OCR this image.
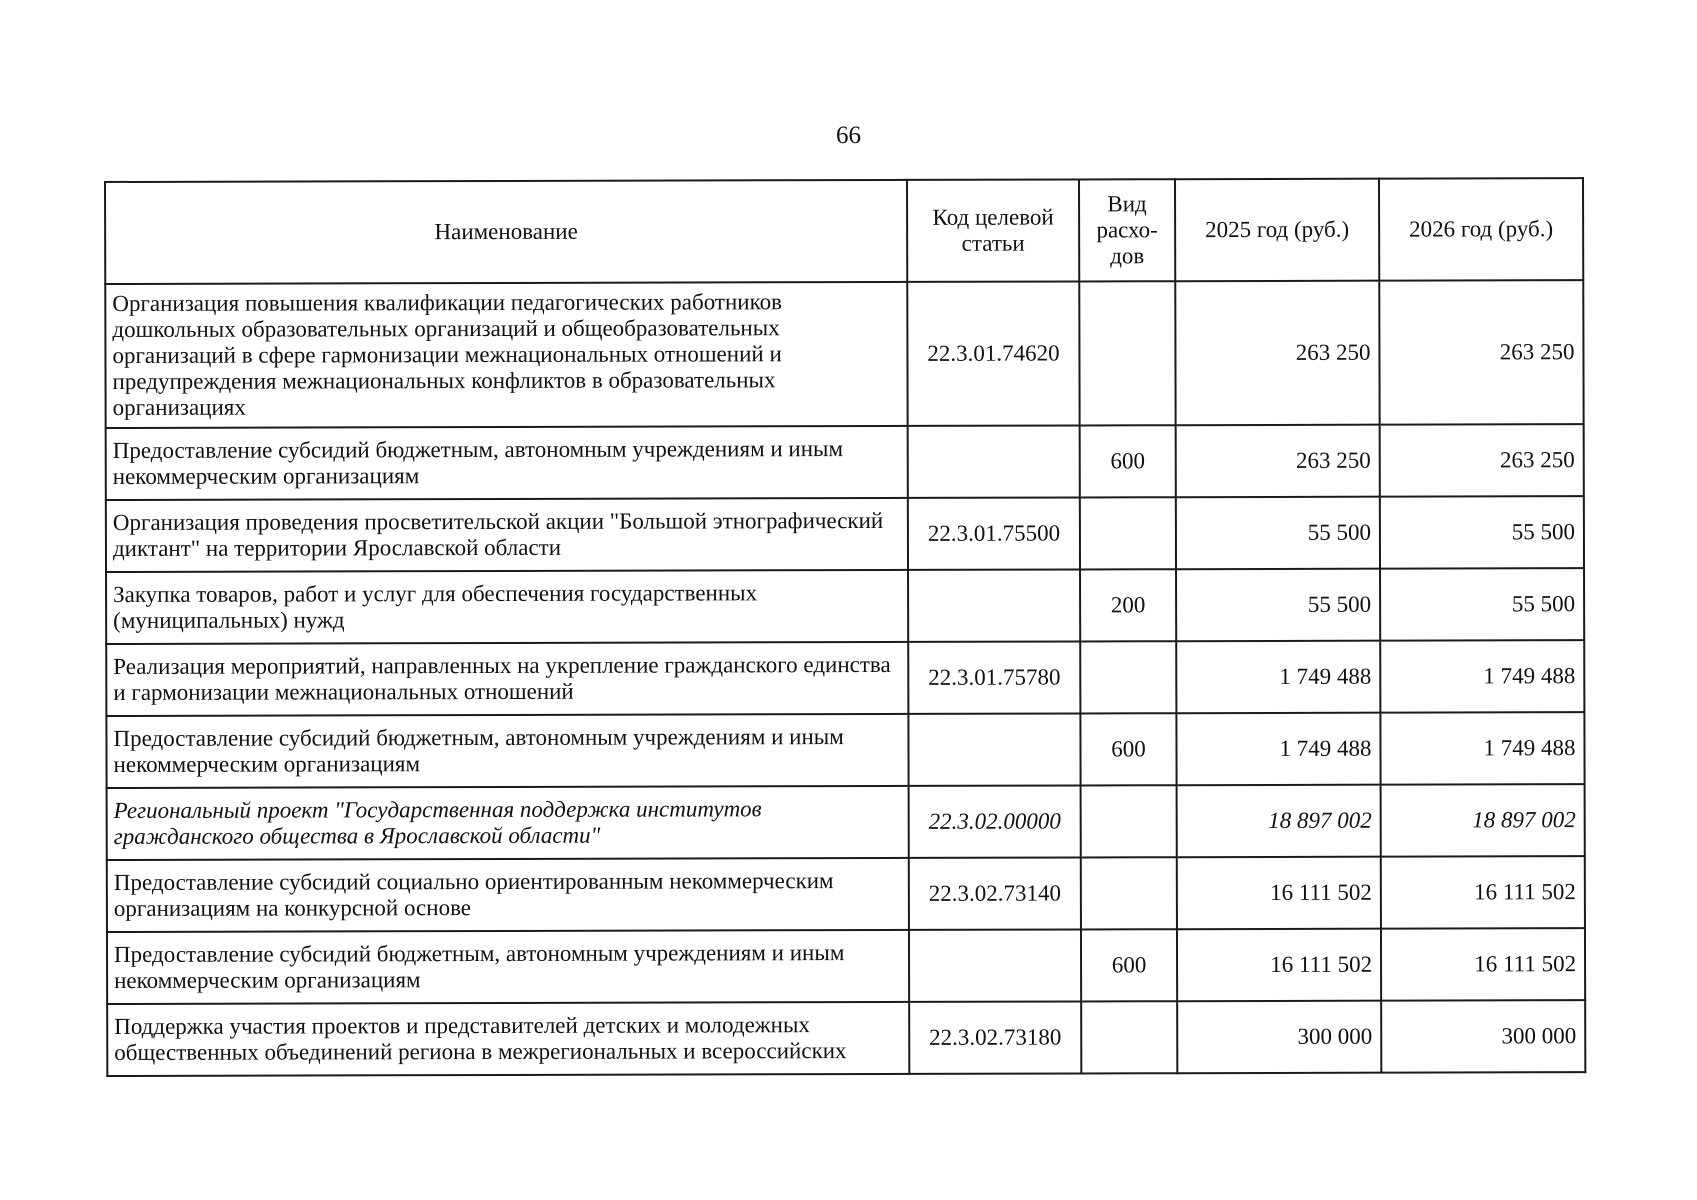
66
Наименование	Код целевой статьи	Вид расхо-дов	2025 год (руб.)	2026 год (руб.)
Организация повышения квалификации педагогических работников дошкольных образовательных организаций и общеобразовательных организаций в сфере гармонизации межнациональных отношений и предупреждения межнациональных конфликтов в образовательных организациях	22.3.01.74620		263 250	263 250
Предоставление субсидий бюджетным, автономным учреждениям и иным некоммерческим организациям		600	263 250	263 250
Организация проведения просветительской акции "Большой этнографический диктант" на территории Ярославской области	22.3.01.75500		55 500	55 500
Закупка товаров, работ и услуг для обеспечения государственных (муниципальных) нужд		200	55 500	55 500
Реализация мероприятий, направленных на укрепление гражданского единства и гармонизации межнациональных отношений	22.3.01.75780		1 749 488	1 749 488
Предоставление субсидий бюджетным, автономным учреждениям и иным некоммерческим организациям		600	1 749 488	1 749 488
Региональный проект "Государственная поддержка институтов гражданского общества в Ярославской области"	22.3.02.00000		18 897 002	18 897 002
Предоставление субсидий социально ориентированным некоммерческим организациям на конкурсной основе	22.3.02.73140		16 111 502	16 111 502
Предоставление субсидий бюджетным, автономным учреждениям и иным некоммерческим организациям		600	16 111 502	16 111 502
Поддержка участия проектов и представителей детских и молодежных общественных объединений региона в межрегиональных и всероссийских	22.3.02.73180		300 000	300 000
